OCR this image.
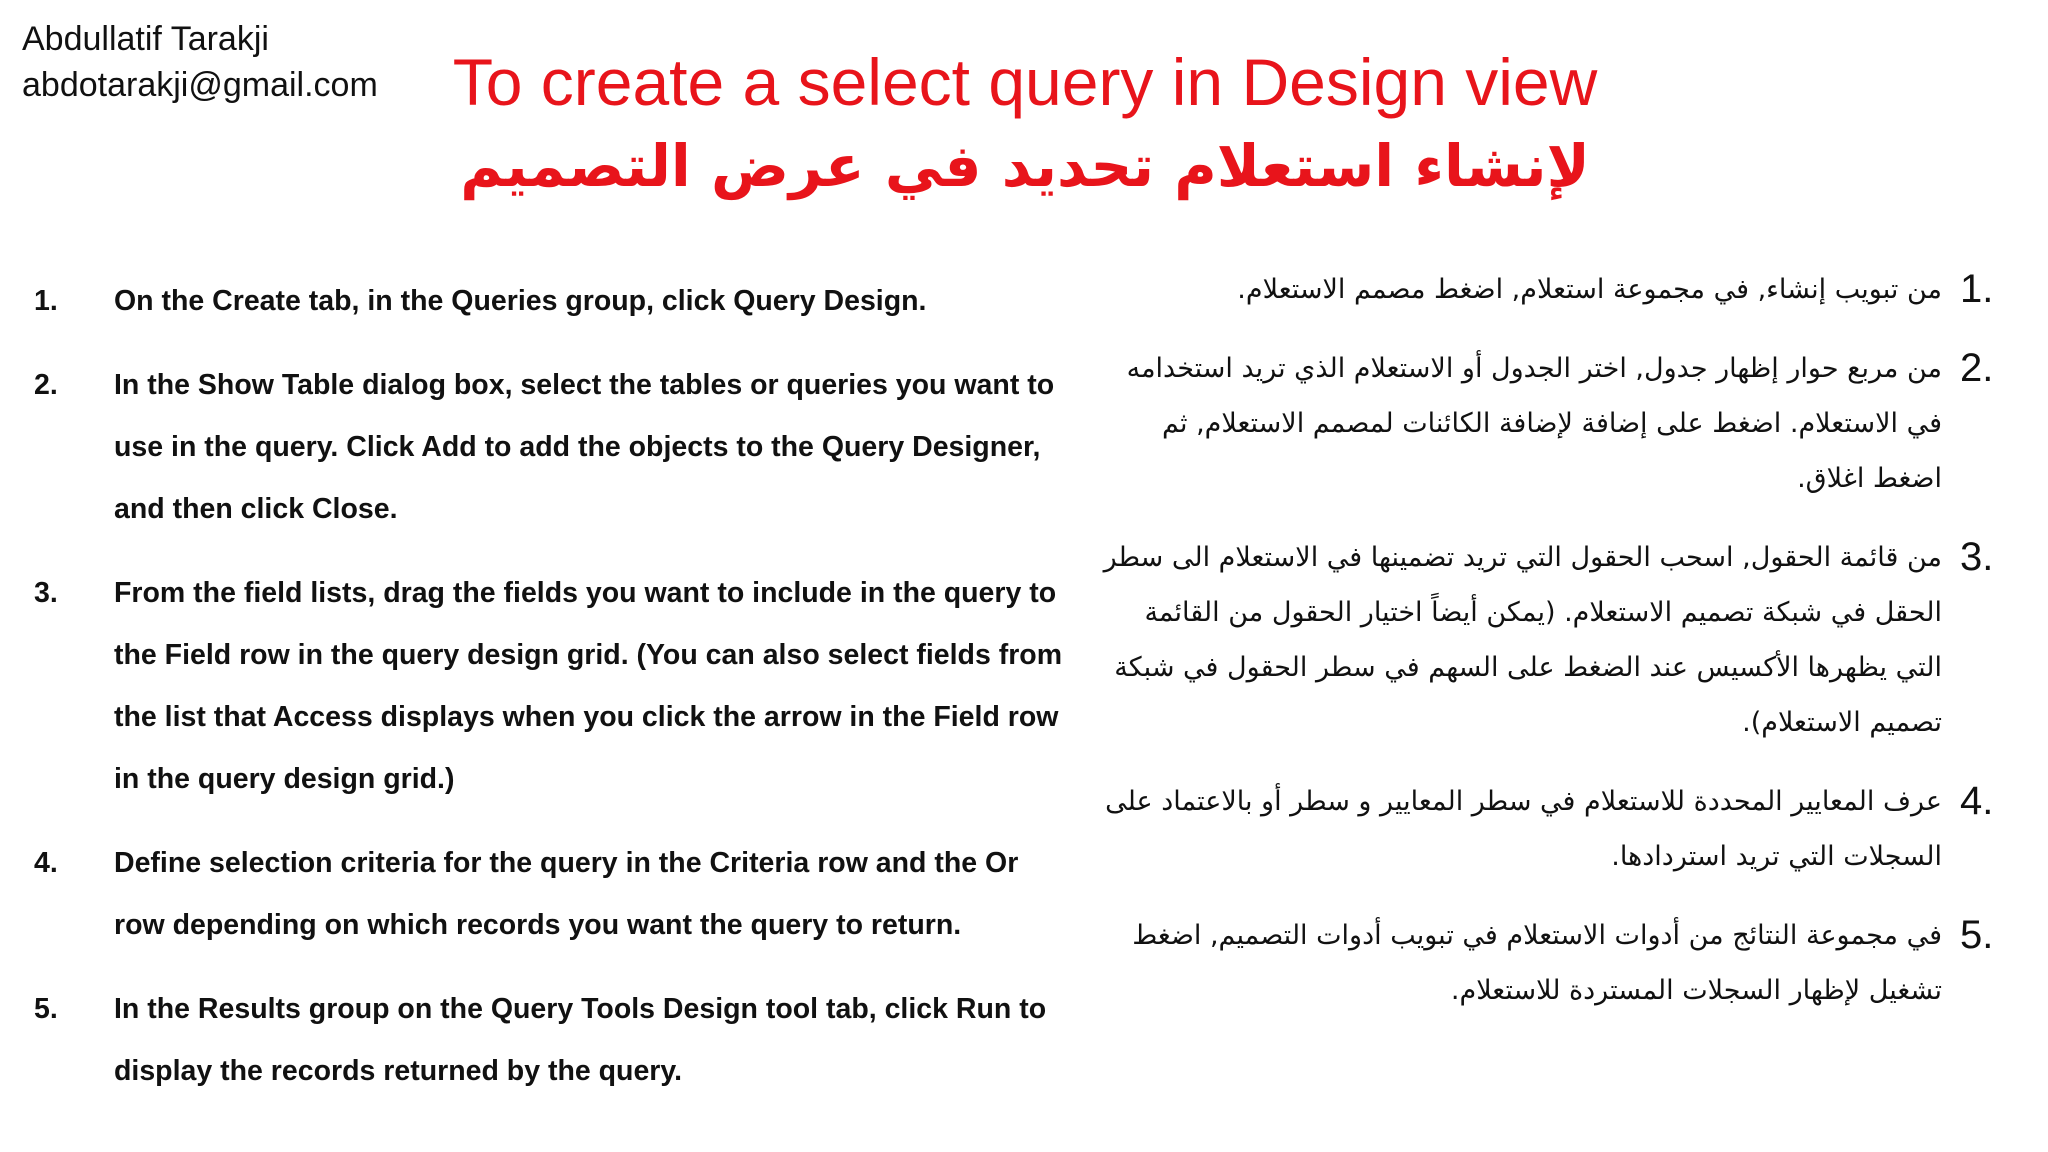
Abdullatif Tarakji
abdotarakji@gmail.com	To create a select query in Design view
لإنشاء استعلام تحديد في عرض التصميم
1.	On the Create tab, in the Queries group, click Query Design.
2.	In the Show Table dialog box, select the tables or queries you want to use in the query. Click Add to add the objects to the Query Designer, and then click Close.
3.	From the field lists, drag the fields you want to include in the query to the Field row in the query design grid. (You can also select fields from the list that Access displays when you click the arrow in the Field row in the query design grid.)
4.	Define selection criteria for the query in the Criteria row and the Or row depending on which records you want the query to return.
5.	In the Results group on the Query Tools Design tool tab, click Run to display the records returned by the query.
1.
من تبويب إنشاء, في مجموعة استعلام, اضغط مصمم الاستعلام.
2.
من مربع حوار إظهار جدول, اختر الجدول أو الاستعلام الذي تريد استخدامه في الاستعلام. اضغط على إضافة لإضافة الكائنات لمصمم الاستعلام, ثم اضغط اغلاق.
3.
من قائمة الحقول, اسحب الحقول التي تريد تضمينها في الاستعلام الى سطر الحقل في شبكة تصميم الاستعلام. (يمكن أيضاً اختيار الحقول من القائمة التي يظهرها الأكسيس عند الضغط على السهم في سطر الحقول في شبكة تصميم الاستعلام).
4.
عرف المعايير المحددة للاستعلام في سطر المعايير و سطر أو بالاعتماد على السجلات التي تريد استردادها.
5.
في مجموعة النتائج من أدوات الاستعلام في تبويب أدوات التصميم, اضغط تشغيل لإظهار السجلات المستردة للاستعلام.
